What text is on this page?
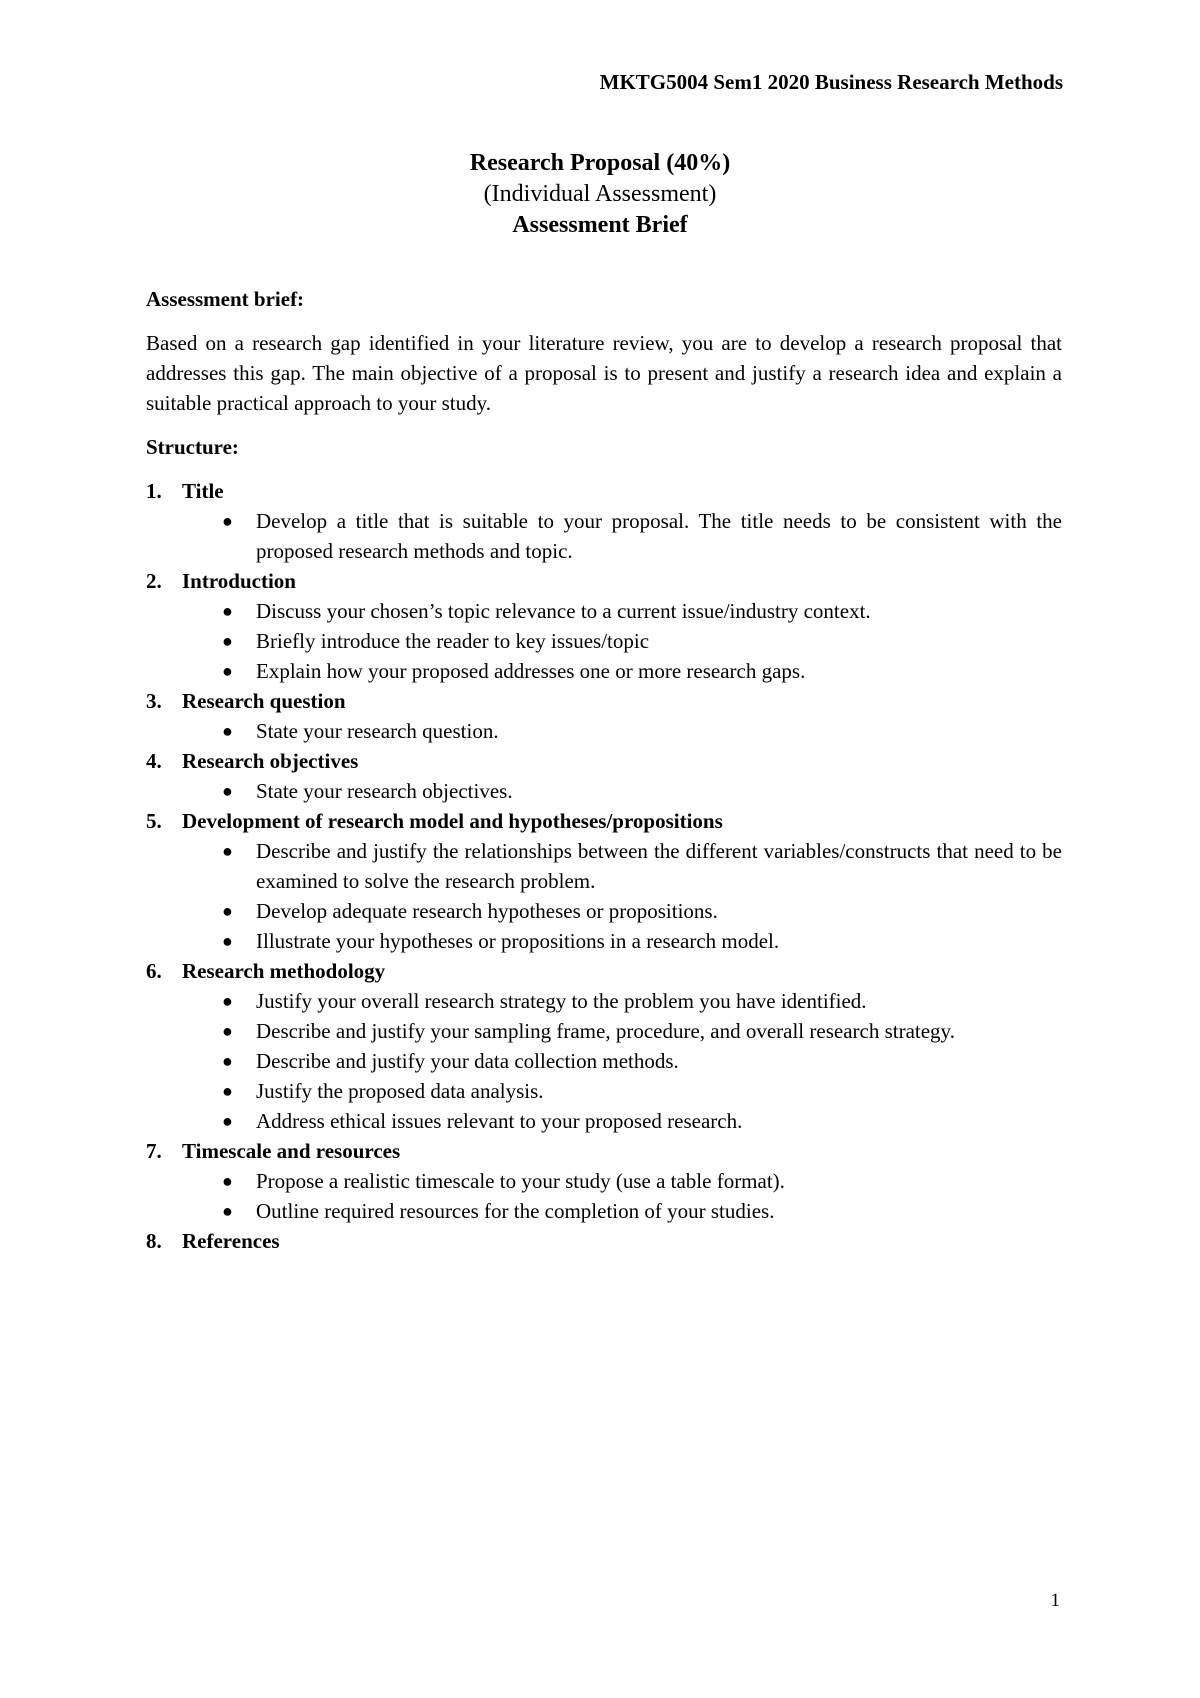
MKTG5004 Sem1 2020 Business Research Methods
Research Proposal (40%)
(Individual Assessment)
Assessment Brief

Assessment brief:

Based on a research gap identified in your literature review, you are to develop a research proposal that addresses this gap. The main objective of a proposal is to present and justify a research idea and explain a suitable practical approach to your study.

Structure:

1. Title
● Develop a title that is suitable to your proposal. The title needs to be consistent with the proposed research methods and topic.
2. Introduction
● Discuss your chosen’s topic relevance to a current issue/industry context.
● Briefly introduce the reader to key issues/topic
● Explain how your proposed addresses one or more research gaps.
3. Research question
● State your research question.
4. Research objectives
● State your research objectives.
5. Development of research model and hypotheses/propositions
● Describe and justify the relationships between the different variables/constructs that need to be examined to solve the research problem.
● Develop adequate research hypotheses or propositions.
● Illustrate your hypotheses or propositions in a research model.
6. Research methodology
● Justify your overall research strategy to the problem you have identified.
● Describe and justify your sampling frame, procedure, and overall research strategy.
● Describe and justify your data collection methods.
● Justify the proposed data analysis.
● Address ethical issues relevant to your proposed research.
7. Timescale and resources
● Propose a realistic timescale to your study (use a table format).
● Outline required resources for the completion of your studies.
8. References
1
